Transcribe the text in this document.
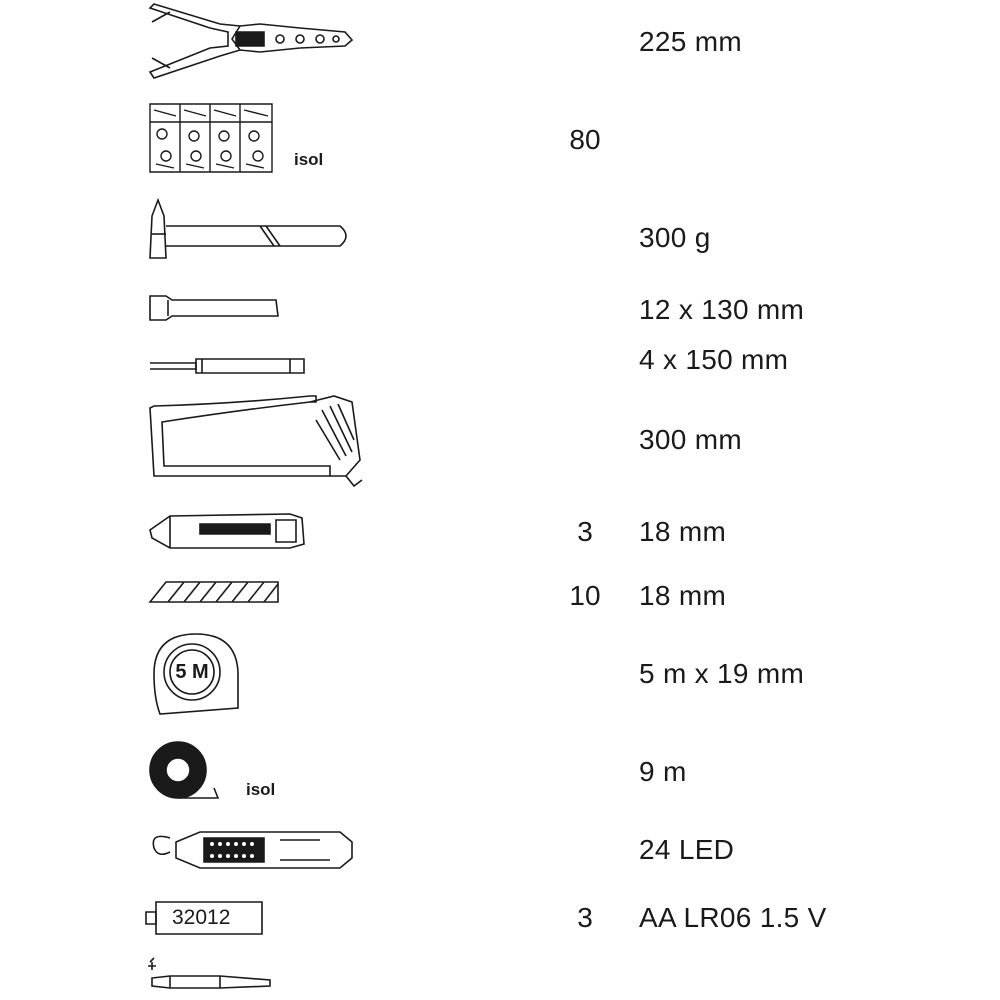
225 mm
isol
80
300 g
12 x 130 mm
4 x 150 mm
300 mm
3	18 mm
10	18 mm
5 M	5 m x 19 mm
isol
9 m
24 LED
32012	3	AA LR06 1.5 V
